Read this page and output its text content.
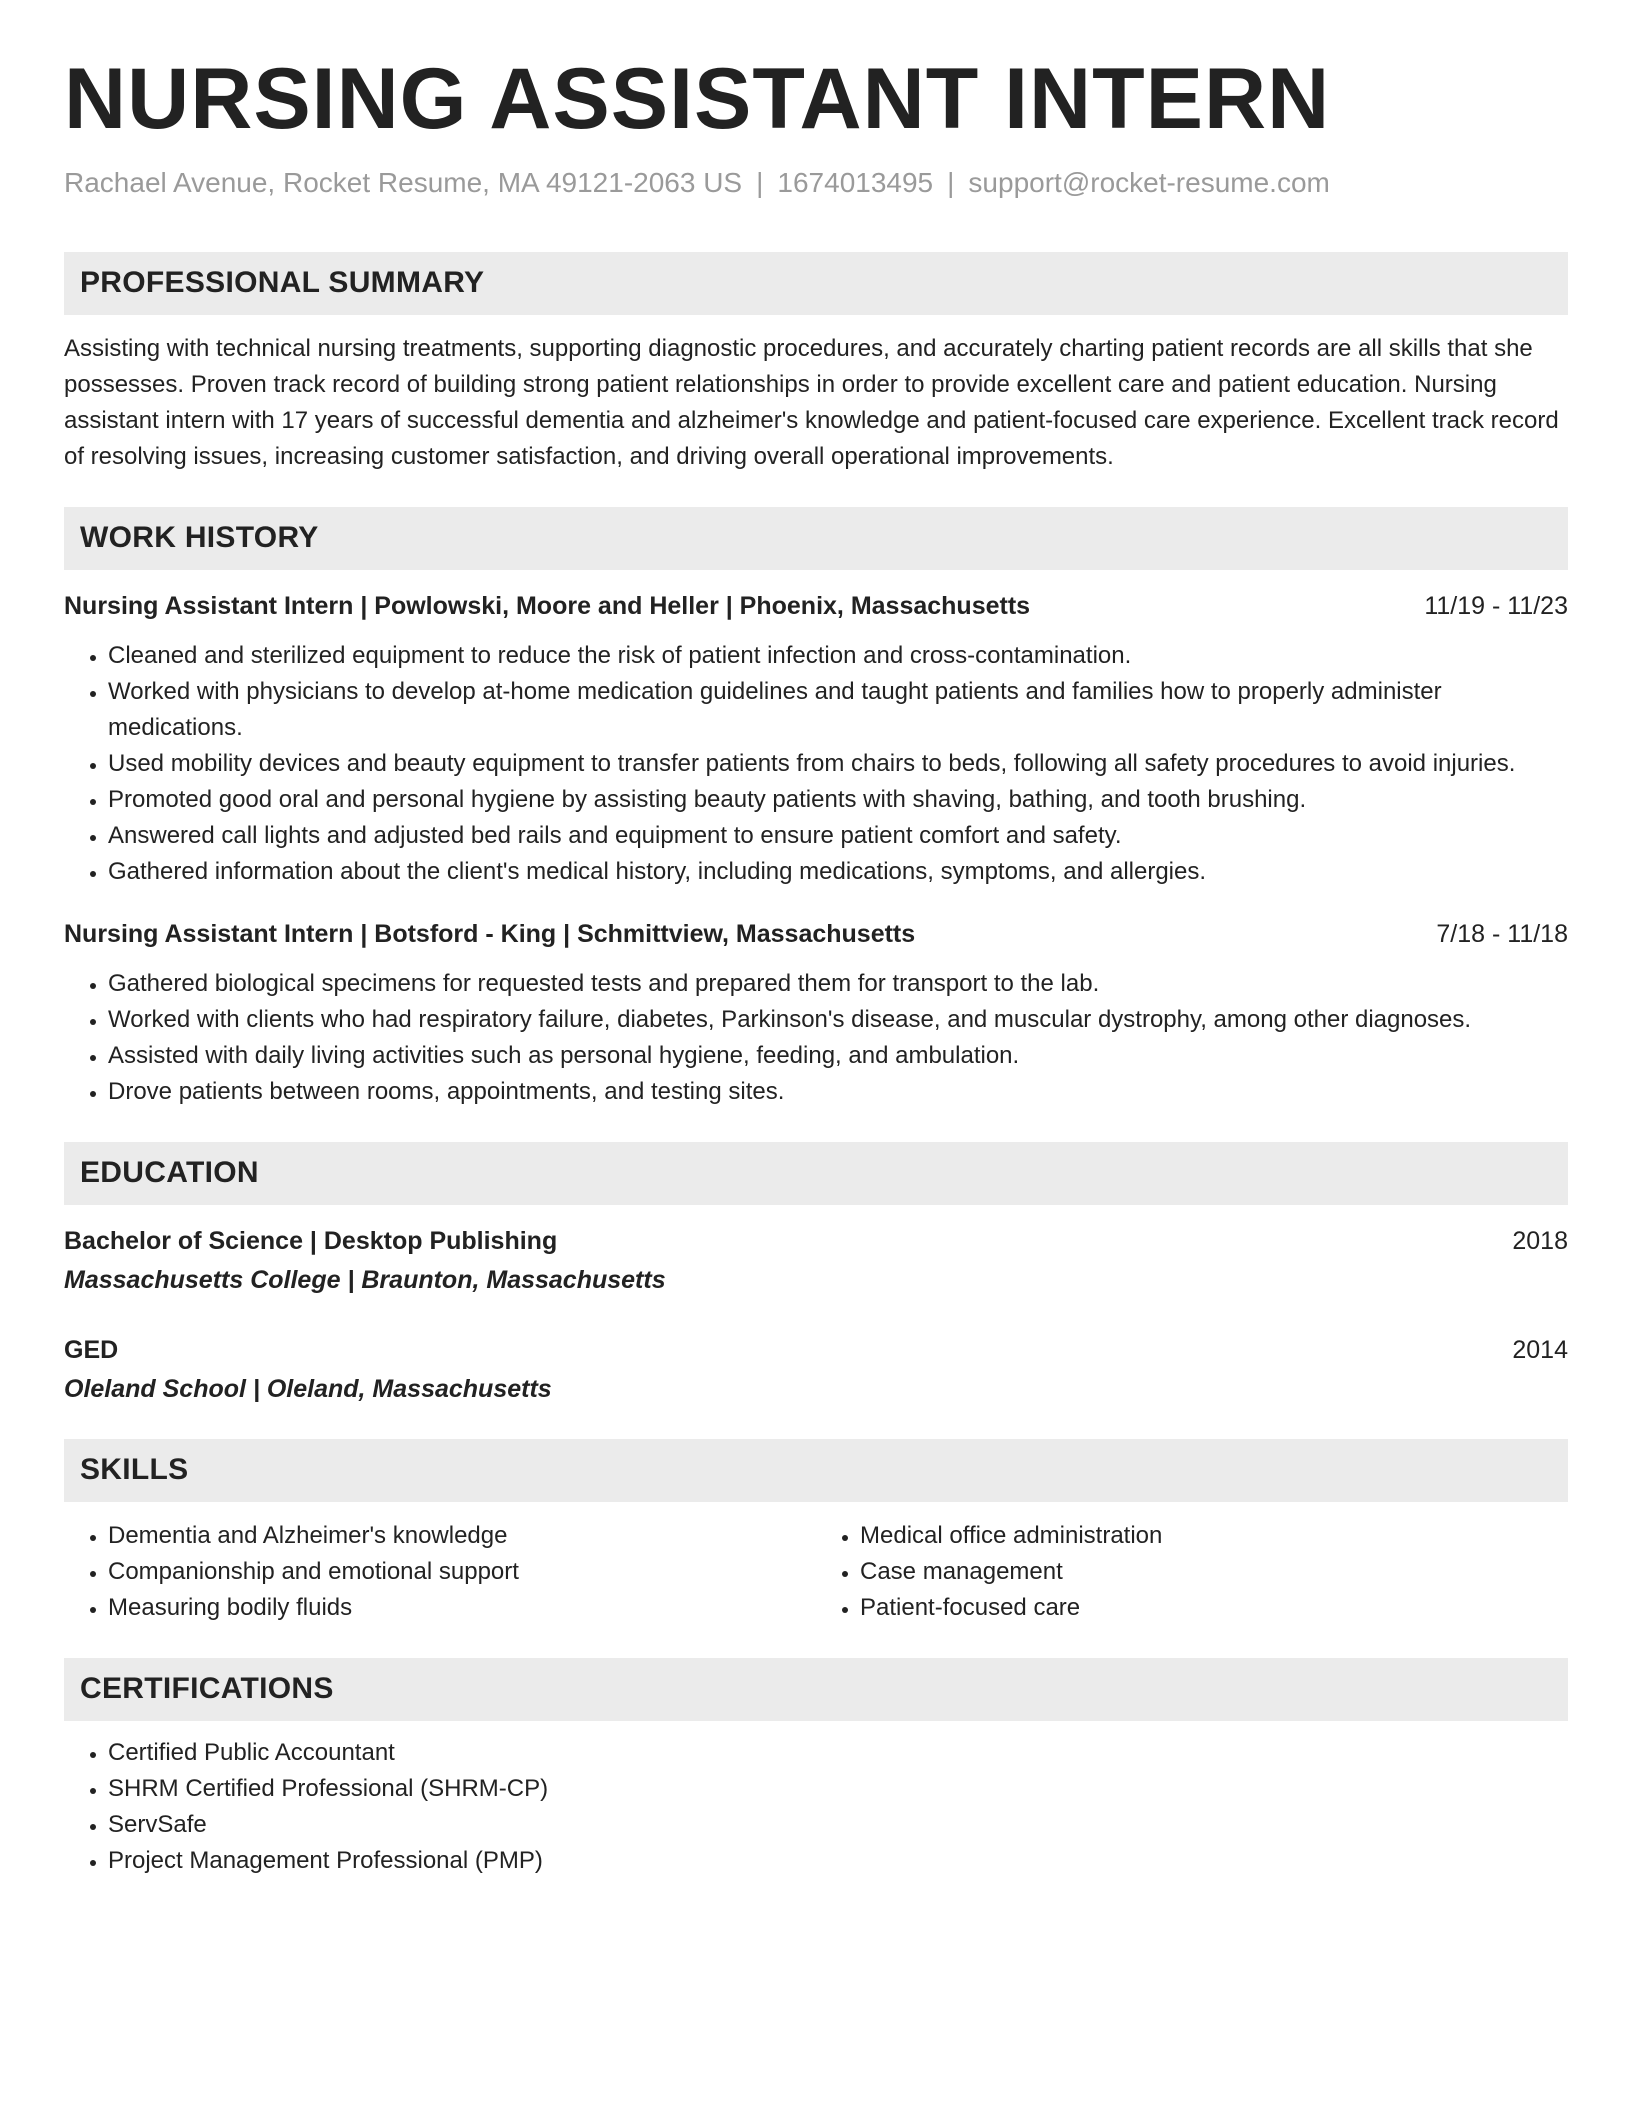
NURSING ASSISTANT INTERN
Rachael Avenue, Rocket Resume, MA 49121-2063 US | 1674013495 | support@rocket-resume.com
PROFESSIONAL SUMMARY
Assisting with technical nursing treatments, supporting diagnostic procedures, and accurately charting patient records are all skills that she possesses. Proven track record of building strong patient relationships in order to provide excellent care and patient education. Nursing assistant intern with 17 years of successful dementia and alzheimer's knowledge and patient-focused care experience. Excellent track record of resolving issues, increasing customer satisfaction, and driving overall operational improvements.
WORK HISTORY
Nursing Assistant Intern | Powlowski, Moore and Heller | Phoenix, Massachusetts	11/19 - 11/23
• Cleaned and sterilized equipment to reduce the risk of patient infection and cross-contamination.
• Worked with physicians to develop at-home medication guidelines and taught patients and families how to properly administer medications.
• Used mobility devices and beauty equipment to transfer patients from chairs to beds, following all safety procedures to avoid injuries.
• Promoted good oral and personal hygiene by assisting beauty patients with shaving, bathing, and tooth brushing.
• Answered call lights and adjusted bed rails and equipment to ensure patient comfort and safety.
• Gathered information about the client's medical history, including medications, symptoms, and allergies.
Nursing Assistant Intern | Botsford - King | Schmittview, Massachusetts	7/18 - 11/18
• Gathered biological specimens for requested tests and prepared them for transport to the lab.
• Worked with clients who had respiratory failure, diabetes, Parkinson's disease, and muscular dystrophy, among other diagnoses.
• Assisted with daily living activities such as personal hygiene, feeding, and ambulation.
• Drove patients between rooms, appointments, and testing sites.
EDUCATION
Bachelor of Science | Desktop Publishing	2018
Massachusetts College | Braunton, Massachusetts
GED	2014
Oleland School | Oleland, Massachusetts
SKILLS
• Dementia and Alzheimer's knowledge
• Companionship and emotional support
• Measuring bodily fluids
• Medical office administration
• Case management
• Patient-focused care
CERTIFICATIONS
• Certified Public Accountant
• SHRM Certified Professional (SHRM-CP)
• ServSafe
• Project Management Professional (PMP)
